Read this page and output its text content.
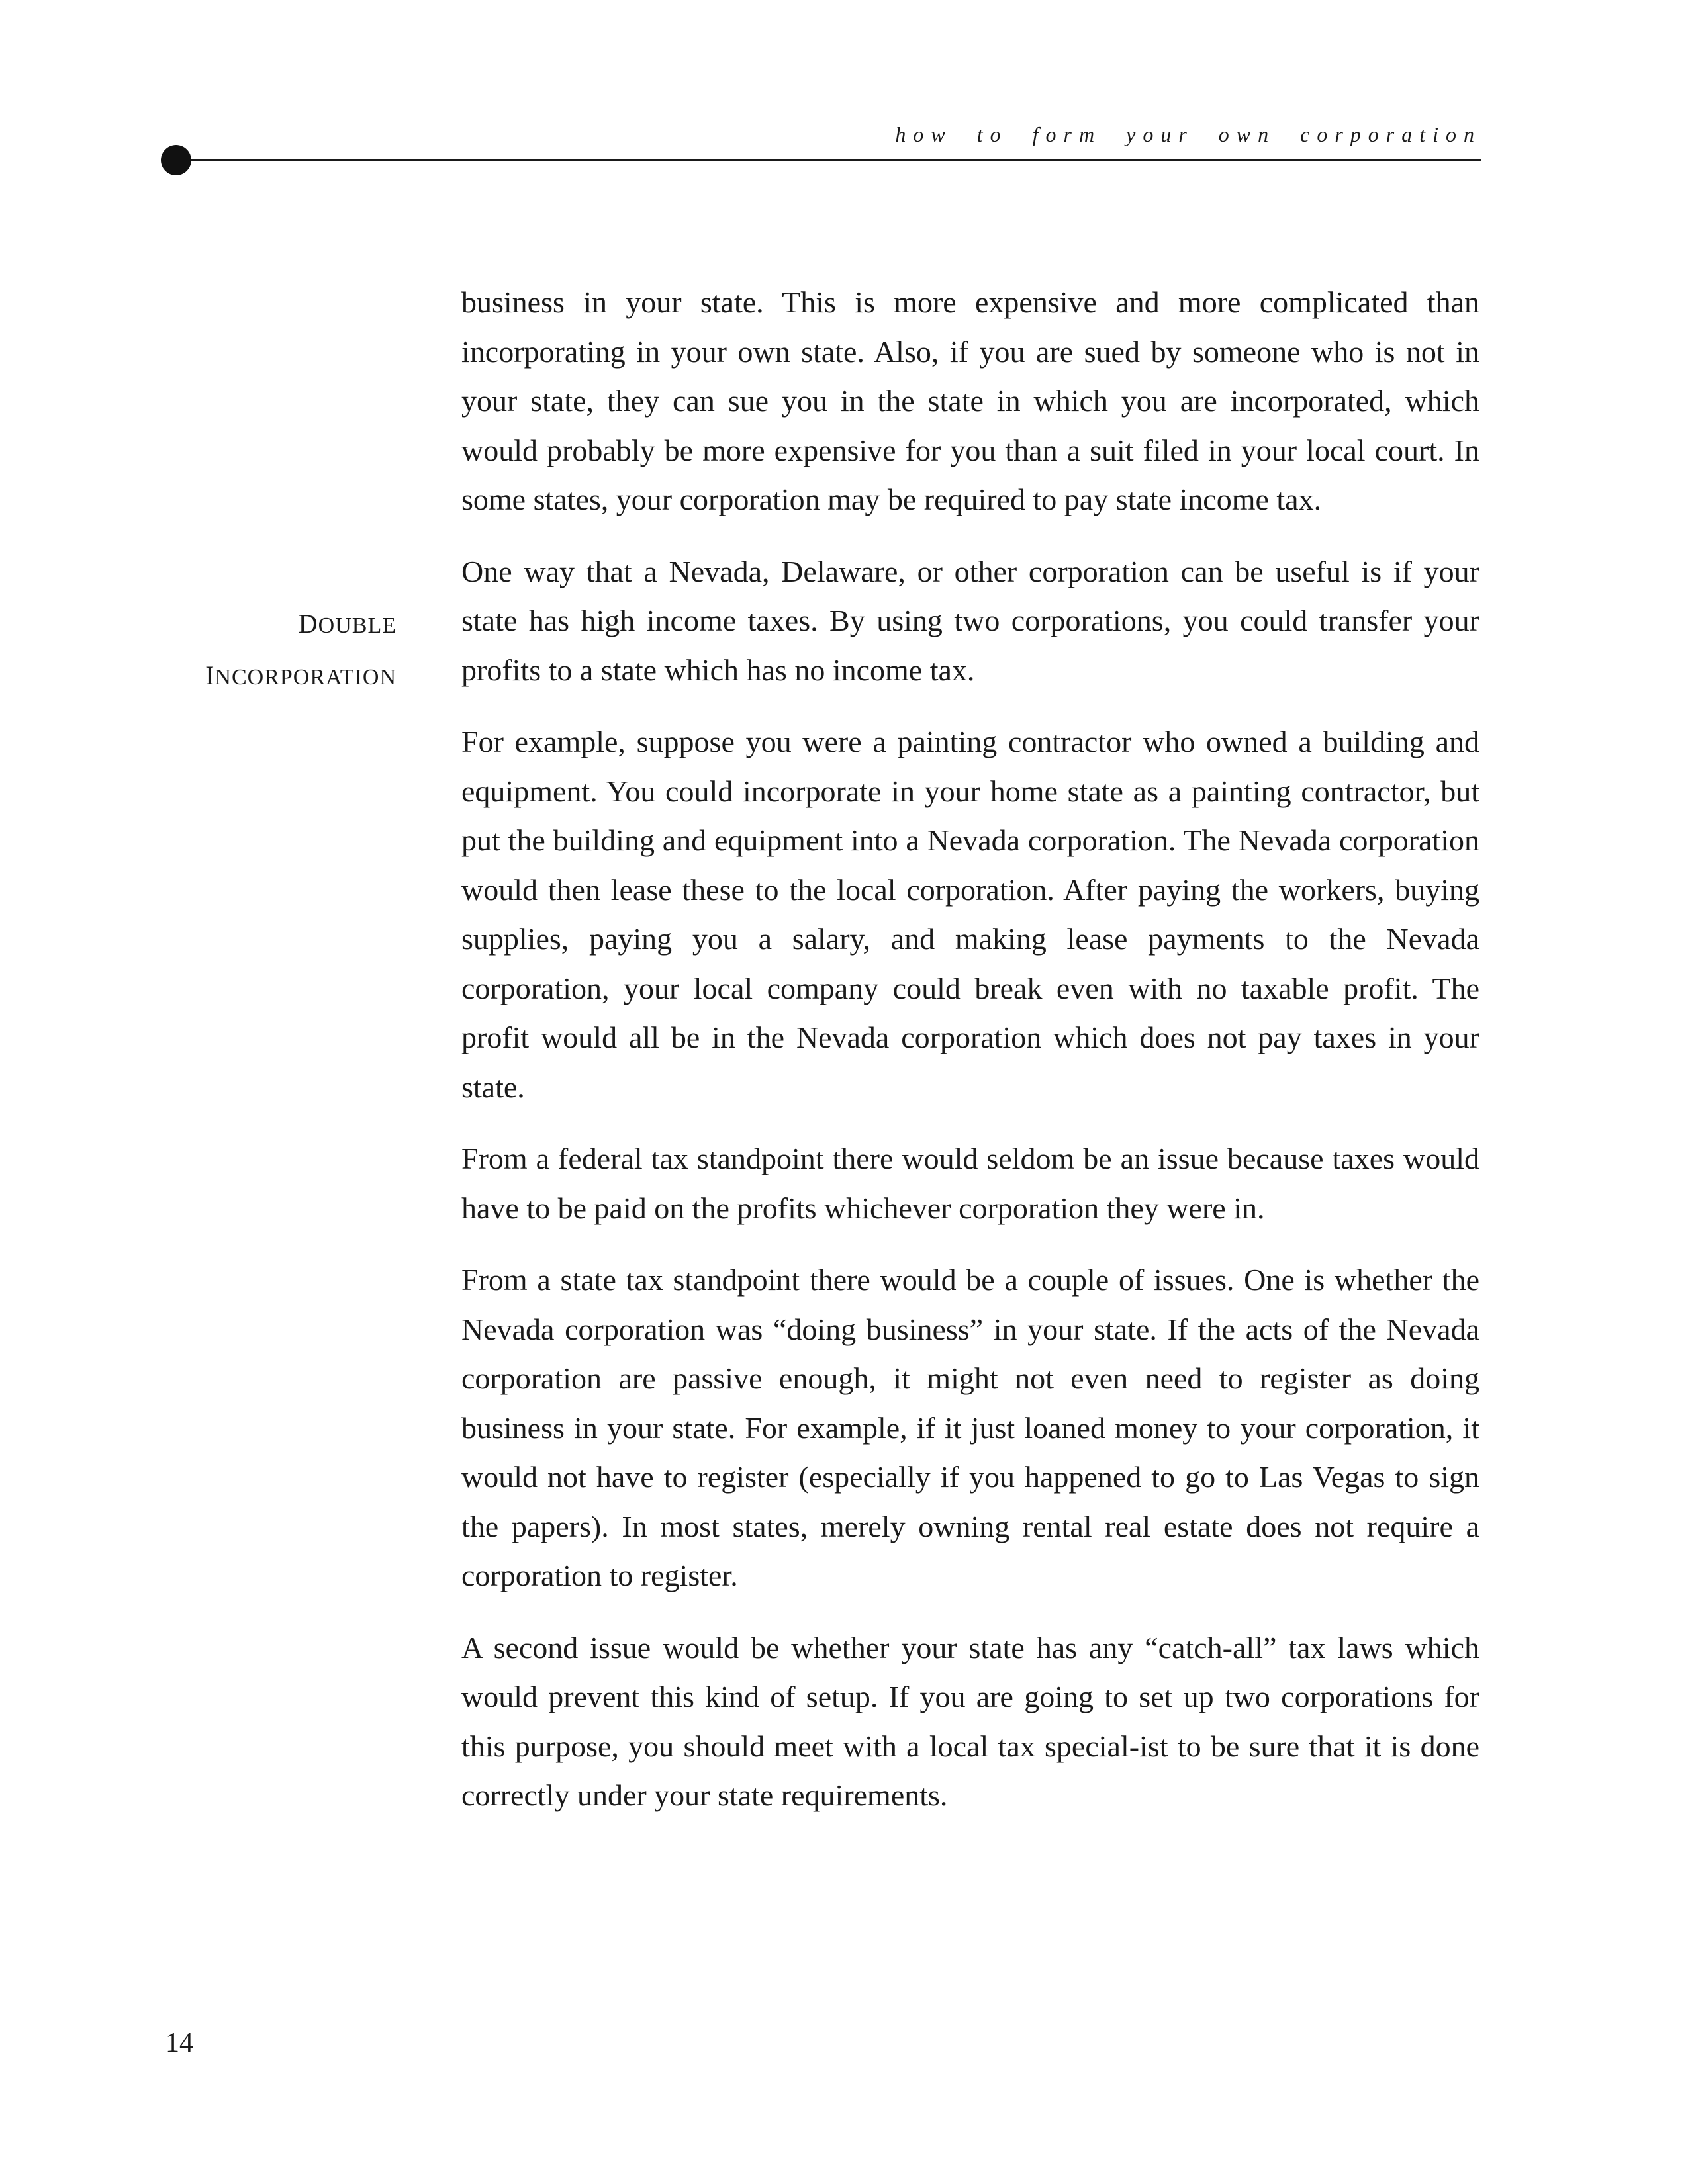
how to form your own corporation
DOUBLE
INCORPORATION

business in your state. This is more expensive and more complicated than incorporating in your own state. Also, if you are sued by someone who is not in your state, they can sue you in the state in which you are incorporated, which would probably be more expensive for you than a suit filed in your local court. In some states, your corporation may be required to pay state income tax.

One way that a Nevada, Delaware, or other corporation can be useful is if your state has high income taxes. By using two corporations, you could transfer your profits to a state which has no income tax.

For example, suppose you were a painting contractor who owned a building and equipment. You could incorporate in your home state as a painting contractor, but put the building and equipment into a Nevada corporation. The Nevada corporation would then lease these to the local corporation. After paying the workers, buying supplies, paying you a salary, and making lease payments to the Nevada corporation, your local company could break even with no taxable profit. The profit would all be in the Nevada corporation which does not pay taxes in your state.

From a federal tax standpoint there would seldom be an issue because taxes would have to be paid on the profits whichever corporation they were in.

From a state tax standpoint there would be a couple of issues. One is whether the Nevada corporation was “doing business” in your state. If the acts of the Nevada corporation are passive enough, it might not even need to register as doing business in your state. For example, if it just loaned money to your corporation, it would not have to register (especially if you happened to go to Las Vegas to sign the papers). In most states, merely owning rental real estate does not require a corporation to register.

A second issue would be whether your state has any “catch-all” tax laws which would prevent this kind of setup. If you are going to set up two corporations for this purpose, you should meet with a local tax special-ist to be sure that it is done correctly under your state requirements.

14
